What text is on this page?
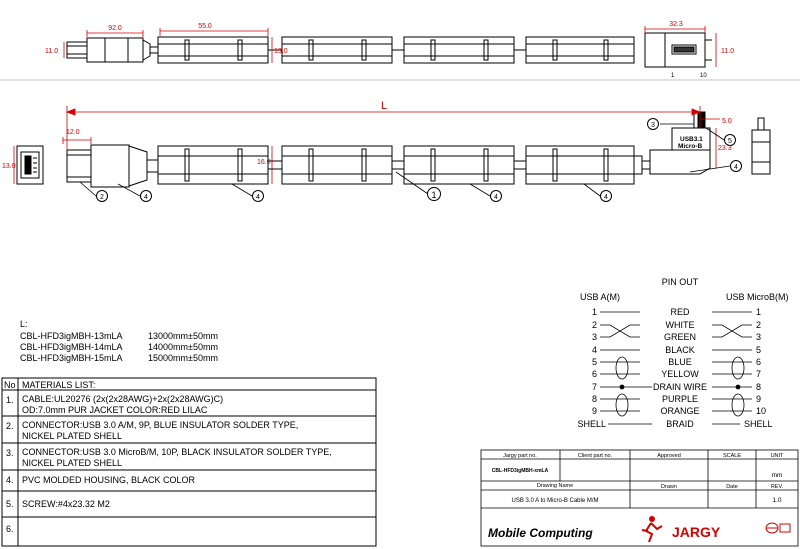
92.0	55.0
13.0
11.0
32.3
11.0
1	10
L
12.0
13.0
16.0
5.0
23.3
USB3.1
Micro-B
2	4	4	1	4	4
3
5
4
L:
CBL-HFD3igMBH-13mLA	13000mm±50mm
CBL-HFD3igMBH-14mLA	14000mm±50mm
CBL-HFD3igMBH-15mLA	15000mm±50mm
PIN OUT
USB A(M)	USB MicroB(M)
1	RED	1
2	WHITE	2
3	GREEN	3
4	BLACK	5
5	BLUE	6
6	YELLOW	7
7	DRAIN WIRE	8
8	PURPLE	9
9	ORANGE	10
SHELL	BRAID	SHELL
No MATERIALS LIST:
1. CABLE:UL20276 (2x(2x28AWG)+2x(2x28AWG)C)
OD:7.0mm PUR JACKET COLOR:RED LILAC
2. CONNECTOR:USB 3.0 A/M, 9P, BLUE INSULATOR SOLDER TYPE,
NICKEL PLATED SHELL
3. CONNECTOR:USB 3.0 MicroB/M, 10P, BLACK INSULATOR SOLDER TYPE,
NICKEL PLATED SHELL
4. PVC MOLDED HOUSING, BLACK COLOR
5. SCREW:#4x23.32 M2
6.
Jargy part no.	Client part no.	Approved	SCALE	UNIT
CBL-HFD3igMBH-xmLA
mm
Drawing Name	Drawn	Date	REV.
USB 3.0 A to Micro-B Cable M/M	1.0
Mobile Computing	JARGY
